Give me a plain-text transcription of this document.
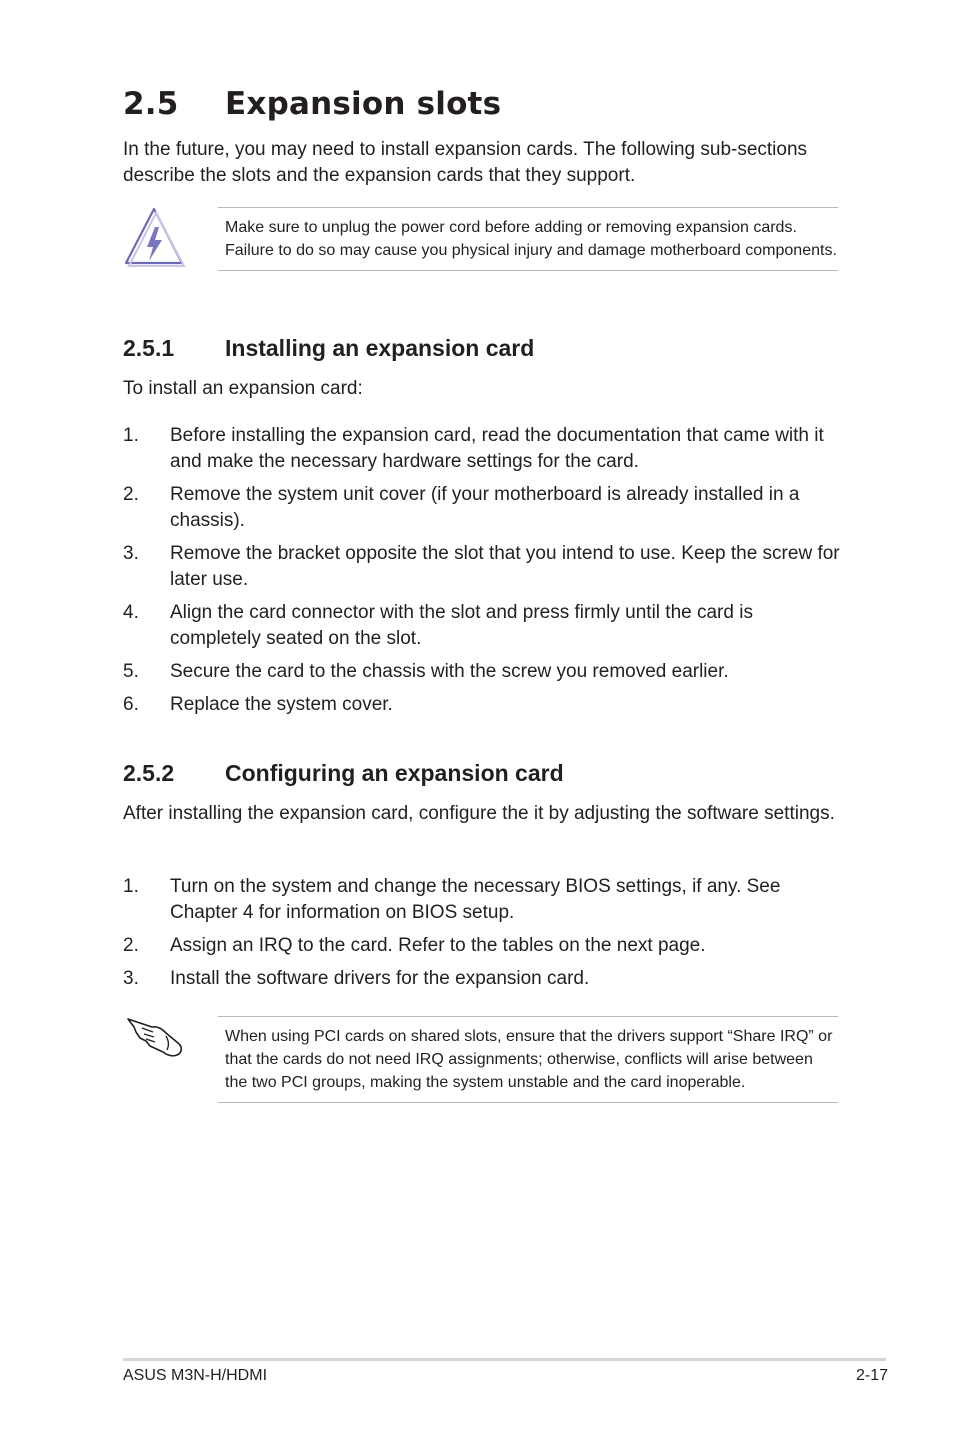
2.5 Expansion slots

In the future, you may need to install expansion cards. The following sub-sections describe the slots and the expansion cards that they support.

Make sure to unplug the power cord before adding or removing expansion cards. Failure to do so may cause you physical injury and damage motherboard components.

2.5.1 Installing an expansion card

To install an expansion card:

1.	Before installing the expansion card, read the documentation that came with it and make the necessary hardware settings for the card.
2.	Remove the system unit cover (if your motherboard is already installed in a chassis).
3.	Remove the bracket opposite the slot that you intend to use. Keep the screw for later use.
4.	Align the card connector with the slot and press firmly until the card is completely seated on the slot.
5.	Secure the card to the chassis with the screw you removed earlier.
6.	Replace the system cover.
2.5.2 Configuring an expansion card

After installing the expansion card, configure the it by adjusting the software settings.

1.	Turn on the system and change the necessary BIOS settings, if any. See Chapter 4 for information on BIOS setup.
2.	Assign an IRQ to the card. Refer to the tables on the next page.
3.	Install the software drivers for the expansion card.

When using PCI cards on shared slots, ensure that the drivers support “Share IRQ” or that the cards do not need IRQ assignments; otherwise, conflicts will arise between the two PCI groups, making the system unstable and the card inoperable.

ASUS M3N-H/HDMI	2-17
